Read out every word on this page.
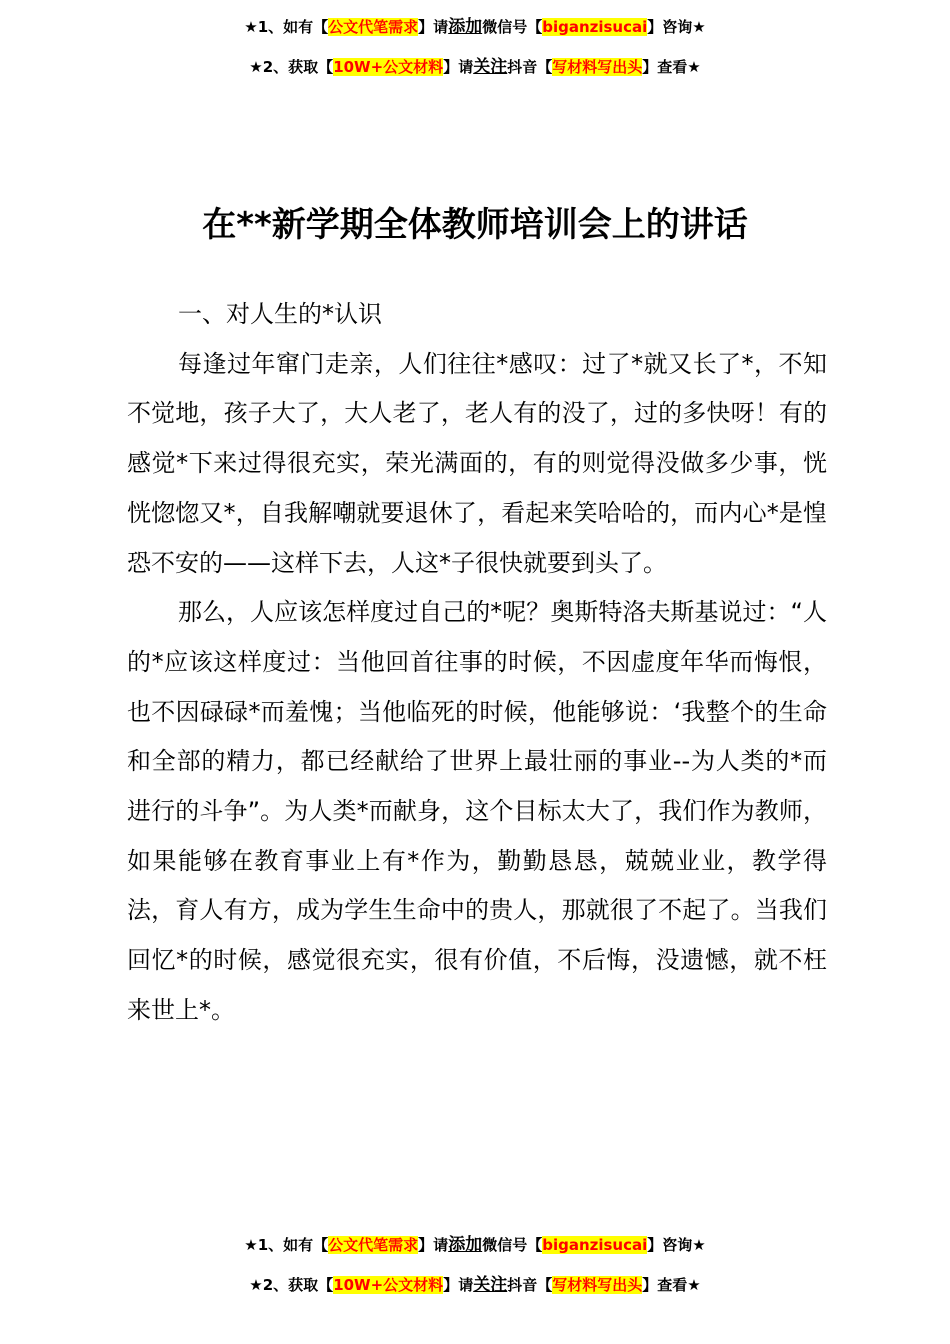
★1、如有【公文代笔需求】请添加微信号【biganzisucai】咨询★
★2、获取【10W+公文材料】请关注抖音【写材料写出头】查看★
在**新学期全体教师培训会上的讲话

一、对人生的*认识

每逢过年窜门走亲，人们往往*感叹：过了*就又长了*，不知不觉地，孩子大了，大人老了，老人有的没了，过的多快呀！有的感觉*下来过得很充实，荣光满面的，有的则觉得没做多少事，恍恍惚惚又*，自我解嘲就要退休了，看起来笑哈哈的，而内心*是惶恐不安的——这样下去，人这*子很快就要到头了。

那么，人应该怎样度过自己的*呢？奥斯特洛夫斯基说过：“人的*应该这样度过：当他回首往事的时候，不因虚度年华而悔恨，也不因碌碌*而羞愧；当他临死的时候，他能够说：‘我整个的生命和全部的精力，都已经献给了世界上最壮丽的事业--为人类的*而进行的斗争”。为人类*而献身，这个目标太大了，我们作为教师，如果能够在教育事业上有*作为，勤勤恳恳，兢兢业业，教学得法，育人有方，成为学生生命中的贵人，那就很了不起了。当我们回忆*的时候，感觉很充实，很有价值，不后悔，没遗憾，就不枉来世上*。

★1、如有【公文代笔需求】请添加微信号【biganzisucai】咨询★
★2、获取【10W+公文材料】请关注抖音【写材料写出头】查看★
